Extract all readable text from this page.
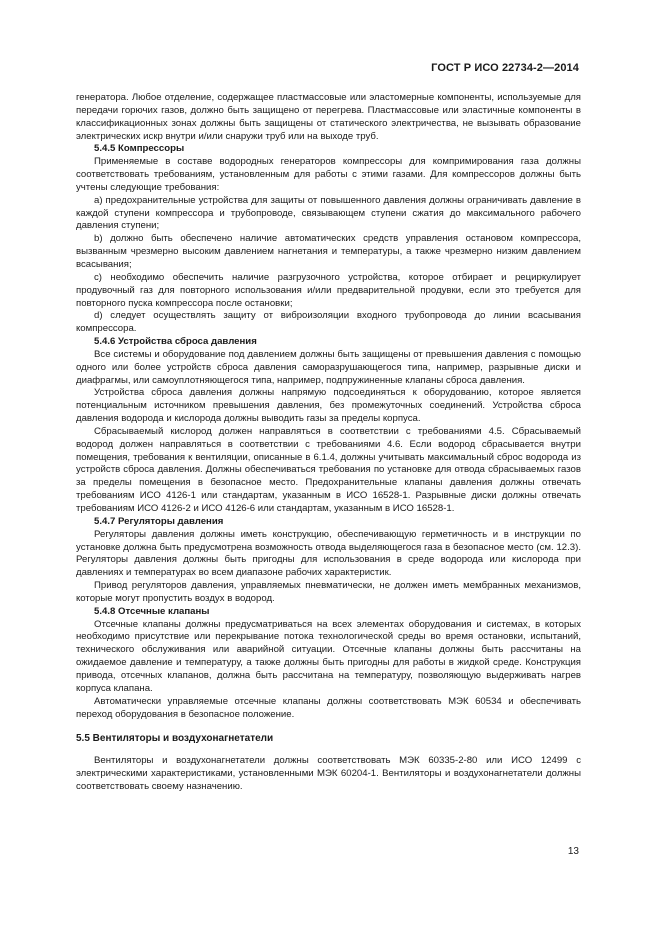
ГОСТ Р ИСО 22734-2—2014

генератора. Любое отделение, содержащее пластмассовые или эластомерные компоненты, используемые для передачи горючих газов, должно быть защищено от перегрева. Пластмассовые или эластичные компоненты в классификационных зонах должны быть защищены от статического электричества, не вызывать образование электрических искр внутри и/или снаружи труб или на выходе труб.

5.4.5 Компрессоры

Применяемые в составе водородных генераторов компрессоры для компримирования газа должны соответствовать требованиям, установленным для работы с этими газами. Для компрессоров должны быть учтены следующие требования:

a) предохранительные устройства для защиты от повышенного давления должны ограничивать давление в каждой ступени компрессора и трубопроводе, связывающем ступени сжатия до максимального рабочего давления ступени;

b) должно быть обеспечено наличие автоматических средств управления остановом компрессора, вызванным чрезмерно высоким давлением нагнетания и температуры, а также чрезмерно низким давлением всасывания;

c) необходимо обеспечить наличие разгрузочного устройства, которое отбирает и рециркулирует продувочный газ для повторного использования и/или предварительной продувки, если это требуется для повторного пуска компрессора после остановки;

d) следует осуществлять защиту от виброизоляции входного трубопровода до линии всасывания компрессора.

5.4.6 Устройства сброса давления

Все системы и оборудование под давлением должны быть защищены от превышения давления с помощью одного или более устройств сброса давления саморазрушающегося типа, например, разрывные диски и диафрагмы, или самоуплотняющегося типа, например, подпружиненные клапаны сброса давления.

Устройства сброса давления должны напрямую подсоединяться к оборудованию, которое является потенциальным источником превышения давления, без промежуточных соединений. Устройства сброса давления водорода и кислорода должны выводить газы за пределы корпуса.

Сбрасываемый кислород должен направляться в соответствии с требованиями 4.5. Сбрасываемый водород должен направляться в соответствии с требованиями 4.6. Если водород сбрасывается внутри помещения, требования к вентиляции, описанные в 6.1.4, должны учитывать максимальный сброс водорода из устройств сброса давления. Должны обеспечиваться требования по установке для отвода сбрасываемых газов за пределы помещения в безопасное место. Предохранительные клапаны давления должны отвечать требованиям ИСО 4126-1 или стандартам, указанным в ИСО 16528-1. Разрывные диски должны отвечать требованиям ИСО 4126-2 и ИСО 4126-6 или стандартам, указанным в ИСО 16528-1.

5.4.7 Регуляторы давления

Регуляторы давления должны иметь конструкцию, обеспечивающую герметичность и в инструкции по установке должна быть предусмотрена возможность отвода выделяющегося газа в безопасное место (см. 12.3). Регуляторы давления должны быть пригодны для использования в среде водорода или кислорода при давлениях и температурах во всем диапазоне рабочих характеристик.

Привод регуляторов давления, управляемых пневматически, не должен иметь мембранных механизмов, которые могут пропустить воздух в водород.

5.4.8 Отсечные клапаны

Отсечные клапаны должны предусматриваться на всех элементах оборудования и системах, в которых необходимо присутствие или перекрывание потока технологической среды во время остановки, испытаний, технического обслуживания или аварийной ситуации. Отсечные клапаны должны быть рассчитаны на ожидаемое давление и температуру, а также должны быть пригодны для работы в жидкой среде. Конструкция привода, отсечных клапанов, должна быть рассчитана на температуру, позволяющую выдерживать нагрев корпуса клапана.

Автоматически управляемые отсечные клапаны должны соответствовать МЭК 60534 и обеспечивать переход оборудования в безопасное положение.

5.5 Вентиляторы и воздухонагнетатели

Вентиляторы и воздухонагнетатели должны соответствовать МЭК 60335-2-80 или ИСО 12499 с электрическими характеристиками, установленными МЭК 60204-1. Вентиляторы и воздухонагнетатели должны соответствовать своему назначению.

13
